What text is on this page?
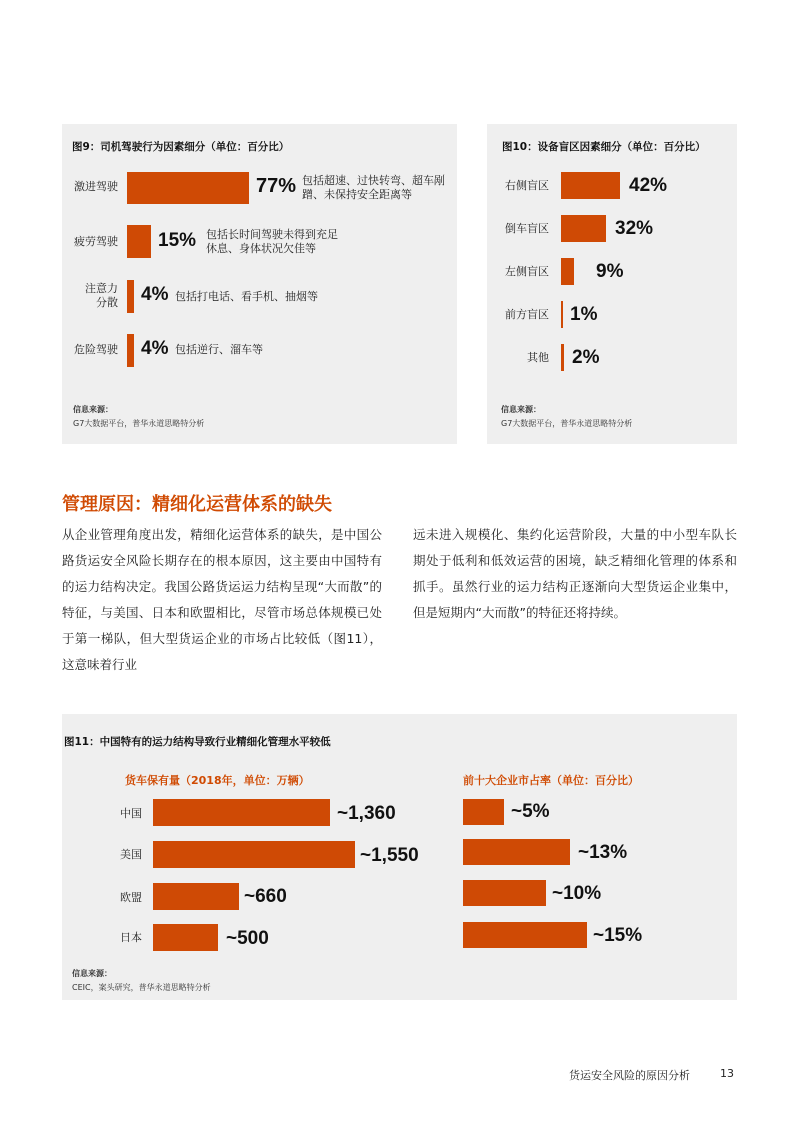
图9：司机驾驶行为因素细分（单位：百分比）
激进驾驶	77% 包括超速、过快转弯、超车剐蹭、未保持安全距离等
疲劳驾驶 15% 包括长时间驾驶未得到充足休息、身体状况欠佳等
注意力分散 4% 包括打电话、看手机、抽烟等
危险驾驶 4% 包括逆行、溜车等
信息来源：
G7大数据平台，普华永道思略特分析
图10：设备盲区因素细分（单位：百分比）
右侧盲区	42%
倒车盲区	32%
左侧盲区 9%
前方盲区 1%
其他 2%
信息来源：
G7大数据平台，普华永道思略特分析
管理原因：精细化运营体系的缺失

从企业管理角度出发，精细化运营体系的缺失，是中国公路货运安全风险长期存在的根本原因，这主要由中国特有的运力结构决定。我国公路货运运力结构呈现“大而散”的特征，与美国、日本和欧盟相比，尽管市场总体规模已处于第一梯队，但大型货运企业的市场占比较低（图11），这意味着行业

远未进入规模化、集约化运营阶段，大量的中小型车队长期处于低利和低效运营的困境，缺乏精细化管理的体系和抓手。虽然行业的运力结构正逐渐向大型货运企业集中，但是短期内“大而散”的特征还将持续。

图11：中国特有的运力结构导致行业精细化管理水平较低
货车保有量（2018年，单位：万辆）	前十大企业市占率（单位：百分比）
中国	~1,360	~5%
美国	~1,550	~13%
欧盟	~660	~10%
日本	~500	~15%
信息来源：
CEIC，案头研究，普华永道思略特分析
货运安全风险的原因分析	13
